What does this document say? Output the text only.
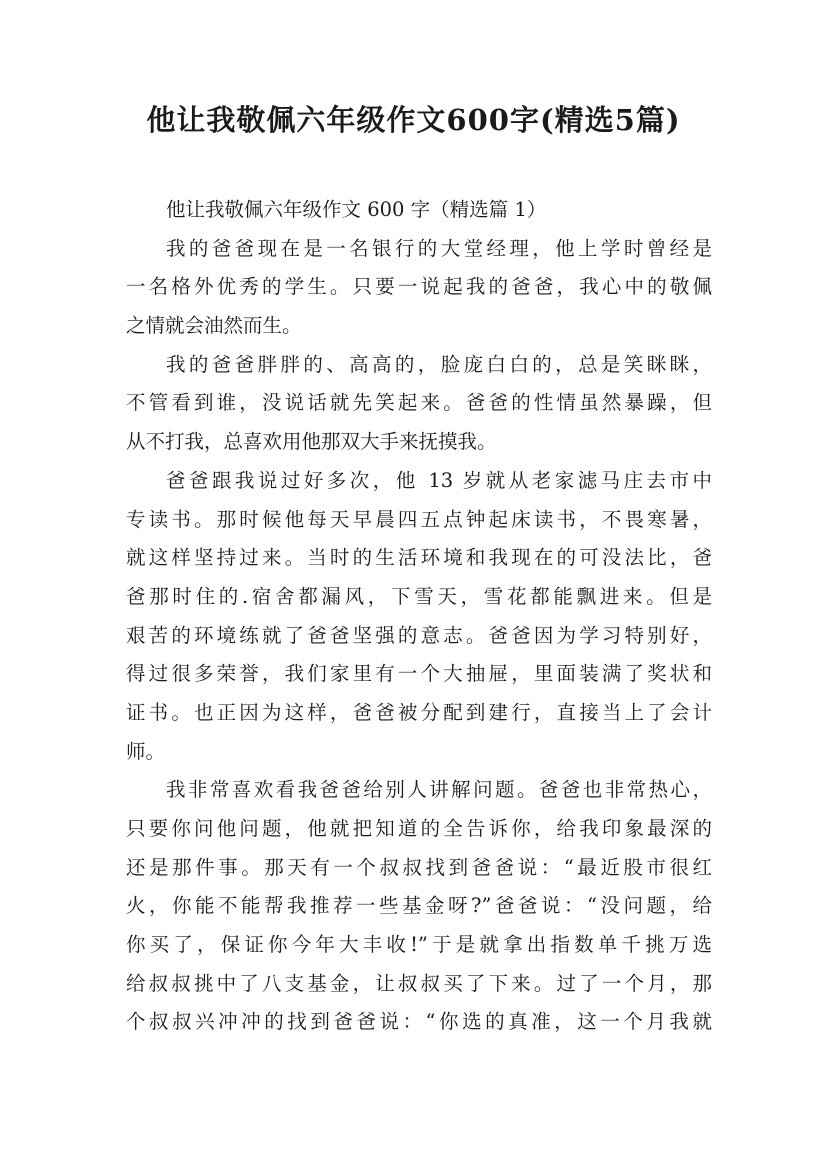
他让我敬佩六年级作文600字(精选5篇)
他让我敬佩六年级作文 600 字（精选篇 1）
我的爸爸现在是一名银行的大堂经理，他上学时曾经是
一名格外优秀的学生。只要一说起我的爸爸，我心中的敬佩
之情就会油然而生。
我的爸爸胖胖的、高高的，脸庞白白的，总是笑眯眯，
不管看到谁，没说话就先笑起来。爸爸的性情虽然暴躁，但
从不打我，总喜欢用他那双大手来抚摸我。
爸爸跟我说过好多次，他 13 岁就从老家滤马庄去市中
专读书。那时候他每天早晨四五点钟起床读书，不畏寒暑，
就这样坚持过来。当时的生活环境和我现在的可没法比，爸
爸那时住的.宿舍都漏风，下雪天，雪花都能飘进来。但是
艰苦的环境练就了爸爸坚强的意志。爸爸因为学习特别好，
得过很多荣誉，我们家里有一个大抽屉，里面装满了奖状和
证书。也正因为这样，爸爸被分配到建行，直接当上了会计
师。
我非常喜欢看我爸爸给别人讲解问题。爸爸也非常热心，
只要你问他问题，他就把知道的全告诉你，给我印象最深的
还是那件事。那天有一个叔叔找到爸爸说：“最近股市很红
火，你能不能帮我推荐一些基金呀?”爸爸说：“没问题，给
你买了，保证你今年大丰收!”于是就拿出指数单千挑万选
给叔叔挑中了八支基金，让叔叔买了下来。过了一个月，那
个叔叔兴冲冲的找到爸爸说：“你选的真准，这一个月我就
